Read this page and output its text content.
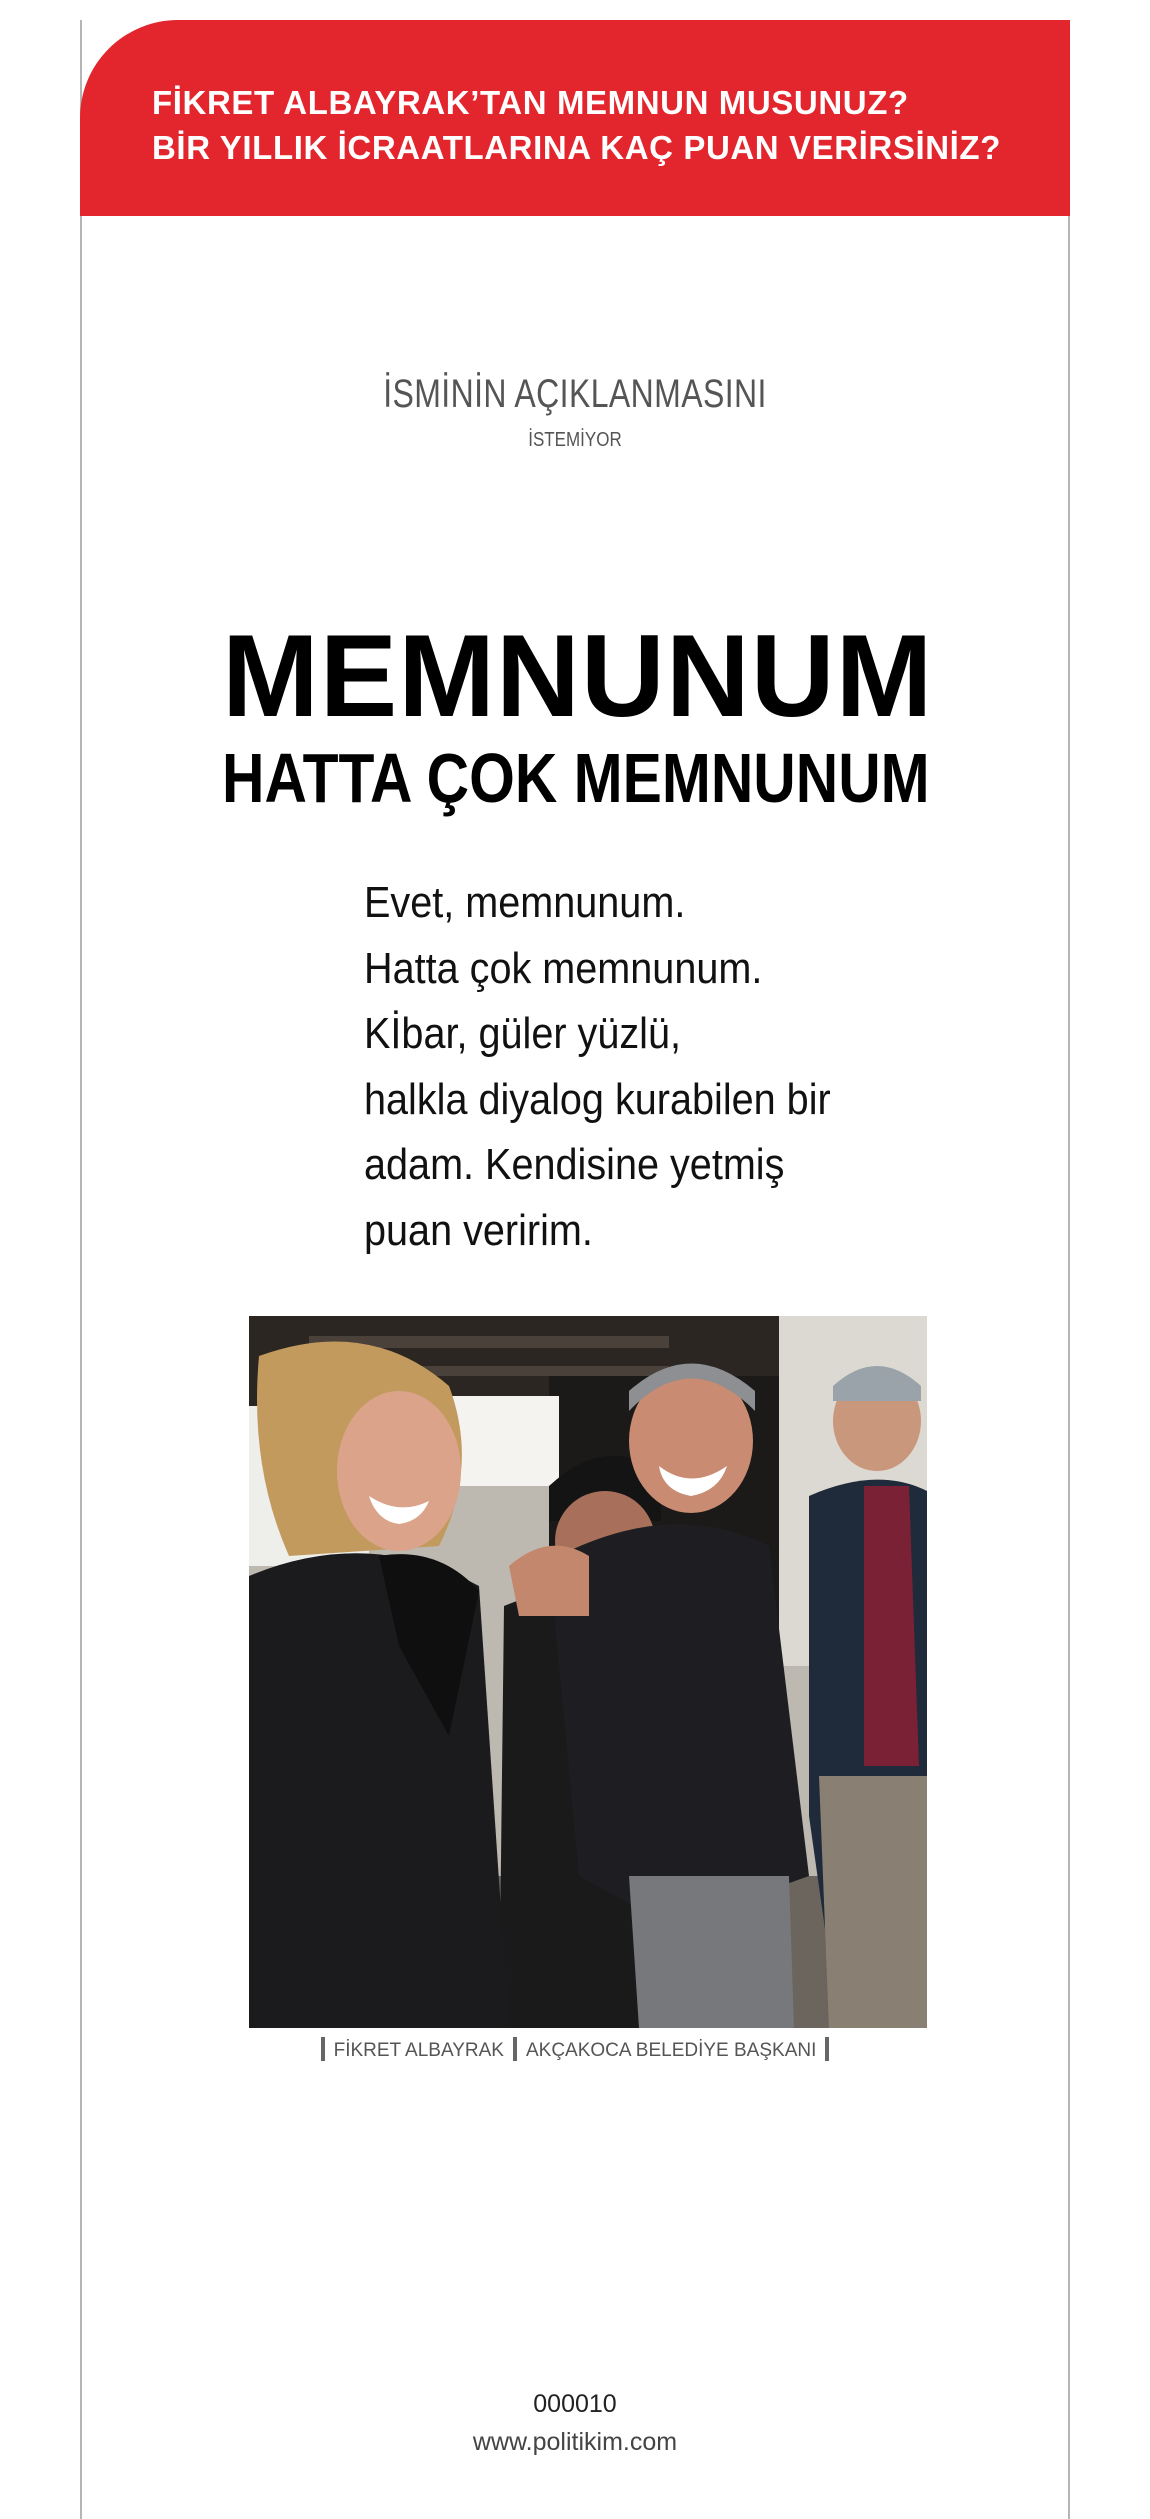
FİKRET ALBAYRAK’TAN MEMNUN MUSUNUZ?
BİR YILLIK İCRAATLARINA KAÇ PUAN VERİRSİNİZ?
İSMİNİN AÇIKLANMASINI
İSTEMİYOR
MEMNUNUM
HATTA ÇOK MEMNUNUM
Evet, memnunum.
Hatta çok memnunum.
Kİbar, güler yüzlü,
halkla diyalog kurabilen bir
adam. Kendisine yetmiş
puan veririm.
FİKRET ALBAYRAK AKÇAKOCA BELEDİYE BAŞKANI
000010
www.politikim.com
